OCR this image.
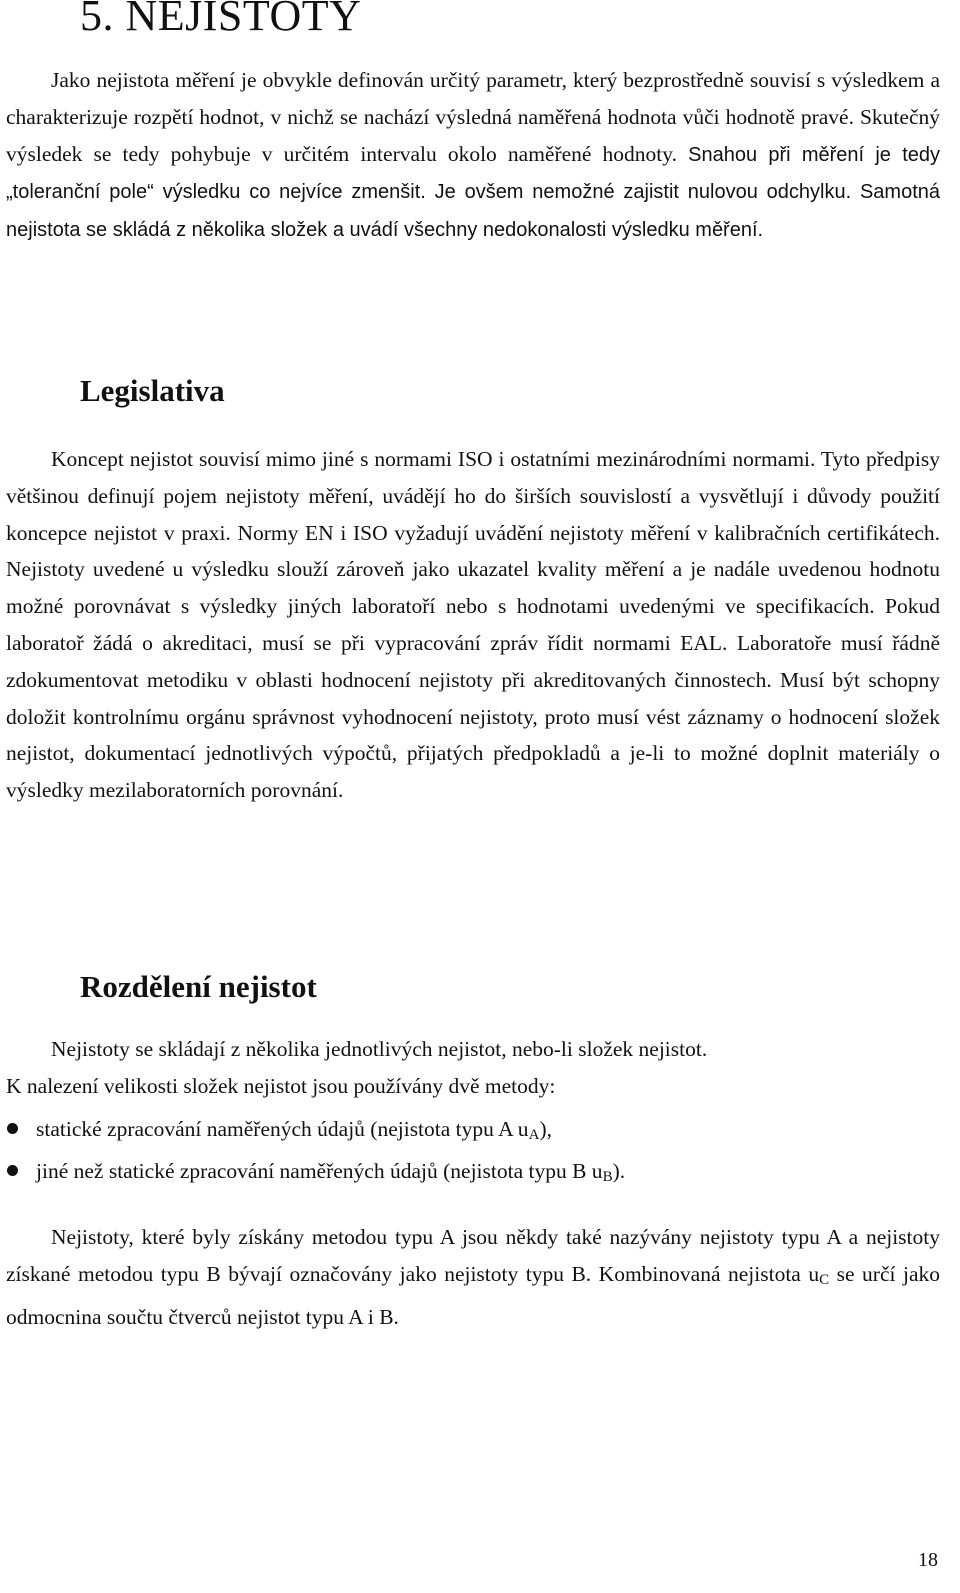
5. NEJISTOTY

Jako nejistota měření je obvykle definován určitý parametr, který bezprostředně souvisí s výsledkem a charakterizuje rozpětí hodnot, v nichž se nachází výsledná naměřená hodnota vůči hodnotě pravé. Skutečný výsledek se tedy pohybuje v určitém intervalu okolo naměřené hodnoty. Snahou při měření je tedy „toleranční pole“ výsledku co nejvíce zmenšit. Je ovšem nemožné zajistit nulovou odchylku. Samotná nejistota se skládá z několika složek a uvádí všechny nedokonalosti výsledku měření.

Legislativa

Koncept nejistot souvisí mimo jiné s normami ISO i ostatními mezinárodními normami. Tyto předpisy většinou definují pojem nejistoty měření, uvádějí ho do širších souvislostí a vysvětlují i důvody použití koncepce nejistot v praxi. Normy EN i ISO vyžadují uvádění nejistoty měření v kalibračních certifikátech. Nejistoty uvedené u výsledku slouží zároveň jako ukazatel kvality měření a je nadále uvedenou hodnotu možné porovnávat s výsledky jiných laboratoří nebo s hodnotami uvedenými ve specifikacích. Pokud laboratoř žádá o akreditaci, musí se při vypracování zpráv řídit normami EAL. Laboratoře musí řádně zdokumentovat metodiku v oblasti hodnocení nejistoty při akreditovaných činnostech. Musí být schopny doložit kontrolnímu orgánu správnost vyhodnocení nejistoty, proto musí vést záznamy o hodnocení složek nejistot, dokumentací jednotlivých výpočtů, přijatých předpokladů a je-li to možné doplnit materiály o výsledky mezilaboratorních porovnání.

Rozdělení nejistot

Nejistoty se skládají z několika jednotlivých nejistot, nebo-li složek nejistot.

K nalezení velikosti složek nejistot jsou používány dvě metody:

statické zpracování naměřených údajů (nejistota typu A $u_A$),
jiné než statické zpracování naměřených údajů (nejistota typu B $u_B$).

Nejistoty, které byly získány metodou typu A jsou někdy také nazývány nejistoty typu A a nejistoty získané metodou typu B bývají označovány jako nejistoty typu B. Kombinovaná nejistota $u_C$ se určí jako odmocnina součtu čtverců nejistot typu A i B.

18
